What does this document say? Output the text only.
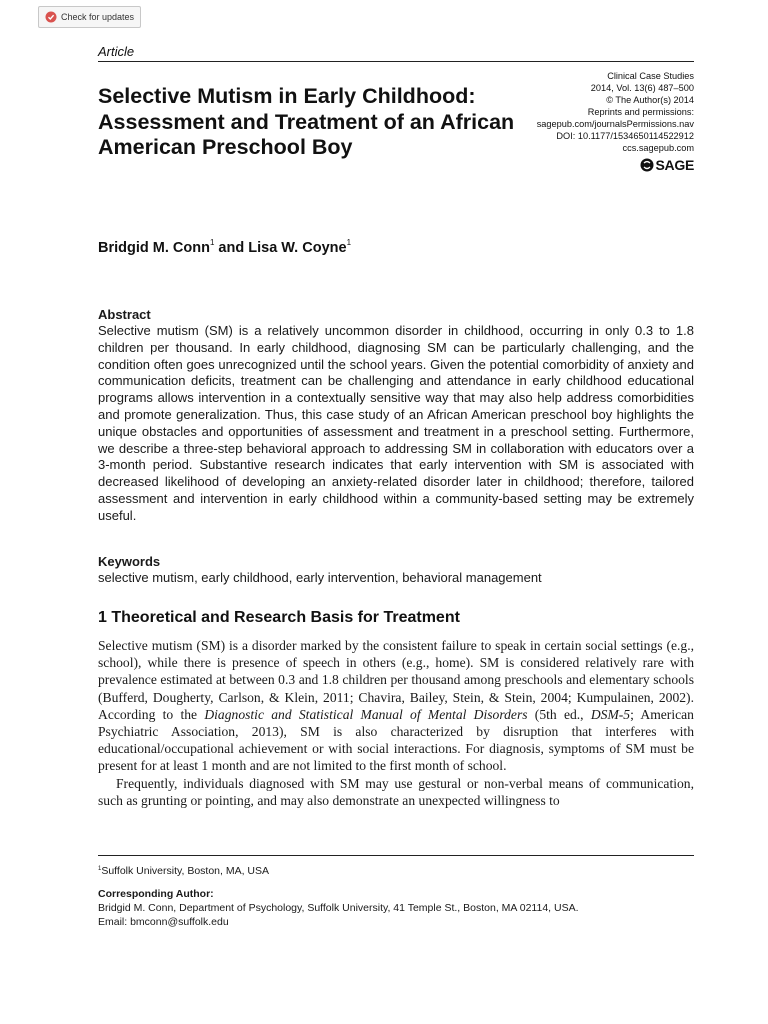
Check for updates
Article
Selective Mutism in Early Childhood: Assessment and Treatment of an African American Preschool Boy
Clinical Case Studies
2014, Vol. 13(6) 487–500
© The Author(s) 2014
Reprints and permissions:
sagepub.com/journalsPermissions.nav
DOI: 10.1177/1534650114522912
ccs.sagepub.com
SAGE
Bridgid M. Conn$^1$ and Lisa W. Coyne$^1$
Abstract

Selective mutism (SM) is a relatively uncommon disorder in childhood, occurring in only 0.3 to 1.8 children per thousand. In early childhood, diagnosing SM can be particularly challenging, and the condition often goes unrecognized until the school years. Given the potential comorbidity of anxiety and communication deficits, treatment can be challenging and attendance in early childhood educational programs allows intervention in a contextually sensitive way that may also help address comorbidities and promote generalization. Thus, this case study of an African American preschool boy highlights the unique obstacles and opportunities of assessment and treatment in a preschool setting. Furthermore, we describe a three-step behavioral approach to addressing SM in collaboration with educators over a 3-month period. Substantive research indicates that early intervention with SM is associated with decreased likelihood of developing an anxiety-related disorder later in childhood; therefore, tailored assessment and intervention in early childhood within a community-based setting may be extremely useful.

Keywords
selective mutism, early childhood, early intervention, behavioral management
1 Theoretical and Research Basis for Treatment

Selective mutism (SM) is a disorder marked by the consistent failure to speak in certain social settings (e.g., school), while there is presence of speech in others (e.g., home). SM is considered relatively rare with prevalence estimated at between 0.3 and 1.8 children per thousand among preschools and elementary schools (Bufferd, Dougherty, Carlson, & Klein, 2011; Chavira, Bailey, Stein, & Stein, 2004; Kumpulainen, 2002). According to the Diagnostic and Statistical Manual of Mental Disorders (5th ed., DSM-5; American Psychiatric Association, 2013), SM is also characterized by disruption that interferes with educational/occupational achievement or with social interactions. For diagnosis, symptoms of SM must be present for at least 1 month and are not limited to the first month of school.

Frequently, individuals diagnosed with SM may use gestural or non-verbal means of communication, such as grunting or pointing, and may also demonstrate an unexpected willingness to

$^1$Suffolk University, Boston, MA, USA
Corresponding Author:
Bridgid M. Conn, Department of Psychology, Suffolk University, 41 Temple St., Boston, MA 02114, USA.
Email: bmconn@suffolk.edu
